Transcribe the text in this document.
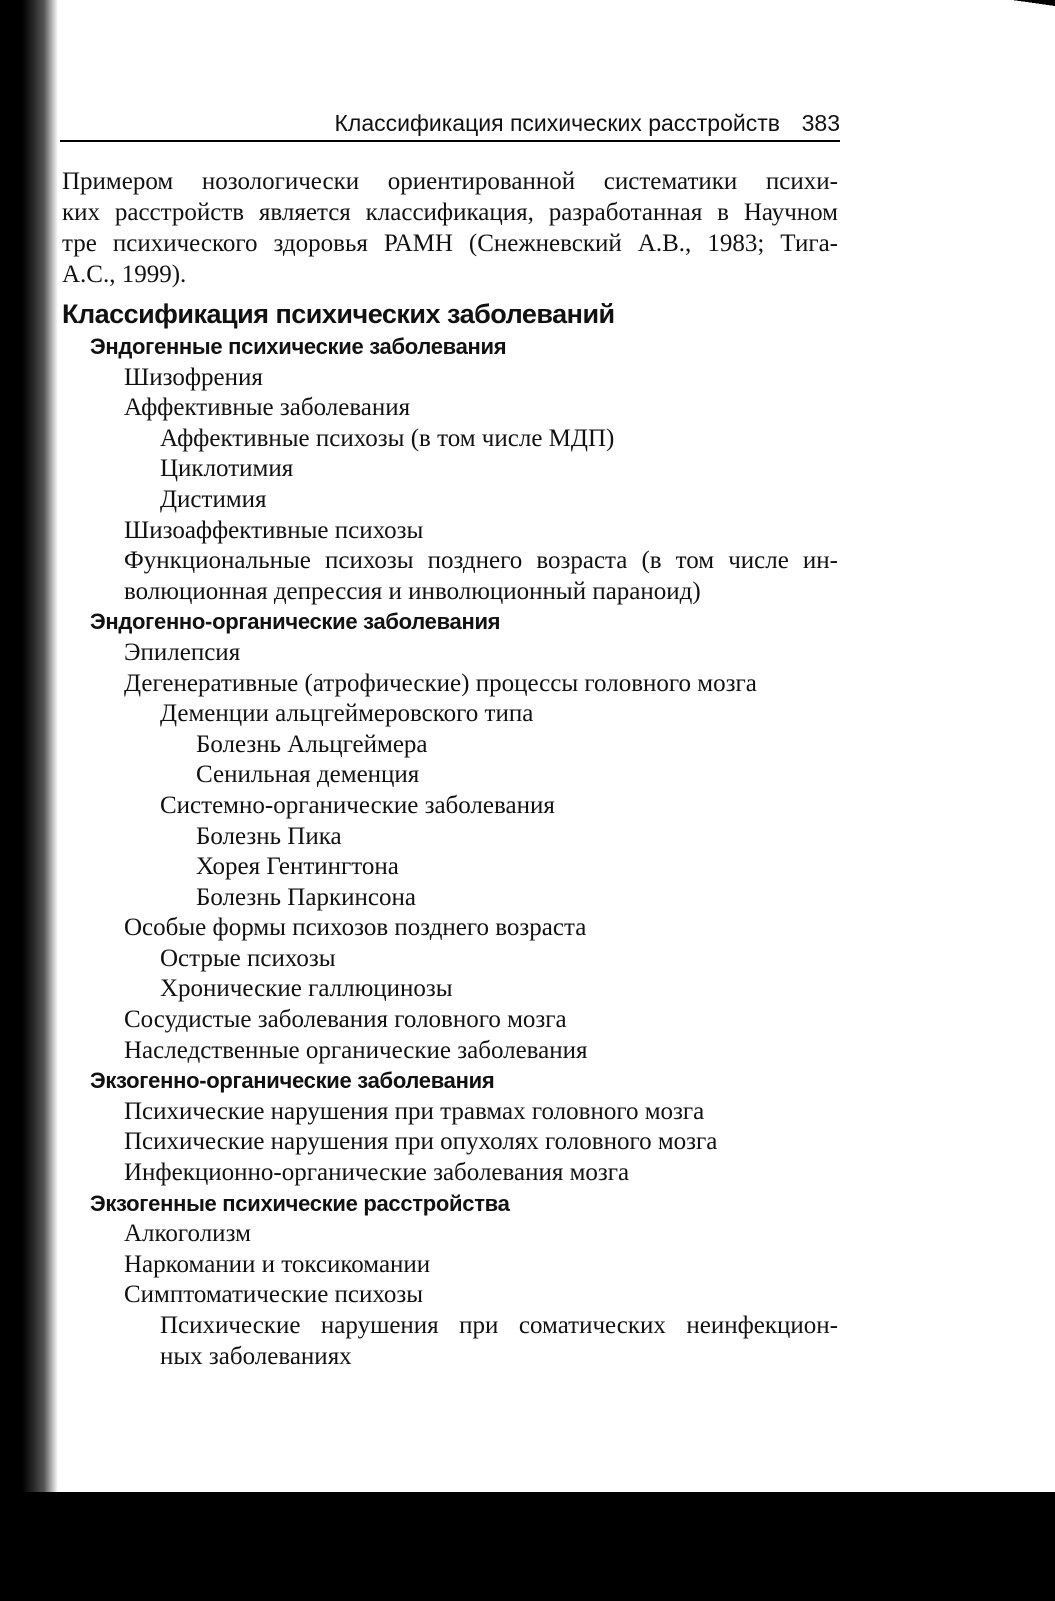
Классификация психических расстройств 383
Примером нозологически ориентированной систематики психи-
ких расстройств является классификация, разработанная в Научном
тре психического здоровья РАМН (Снежневский А.В., 1983; Тига-
А.С., 1999).
Классификация психических заболеваний
Эндогенные психические заболевания
Шизофрения
Аффективные заболевания
Аффективные психозы (в том числе МДП)
Циклотимия
Дистимия
Шизоаффективные психозы
Функциональные психозы позднего возраста (в том числе ин-
волюционная депрессия и инволюционный параноид)
Эндогенно-органические заболевания
Эпилепсия
Дегенеративные (атрофические) процессы головного мозга
Деменции альцгеймеровского типа
Болезнь Альцгеймера
Сенильная деменция
Системно-органические заболевания
Болезнь Пика
Хорея Гентингтона
Болезнь Паркинсона
Особые формы психозов позднего возраста
Острые психозы
Хронические галлюцинозы
Сосудистые заболевания головного мозга
Наследственные органические заболевания
Экзогенно-органические заболевания
Психические нарушения при травмах головного мозга
Психические нарушения при опухолях головного мозга
Инфекционно-органические заболевания мозга
Экзогенные психические расстройства
Алкоголизм
Наркомании и токсикомании
Симптоматические психозы
Психические нарушения при соматических неинфекцион-
ных заболеваниях
